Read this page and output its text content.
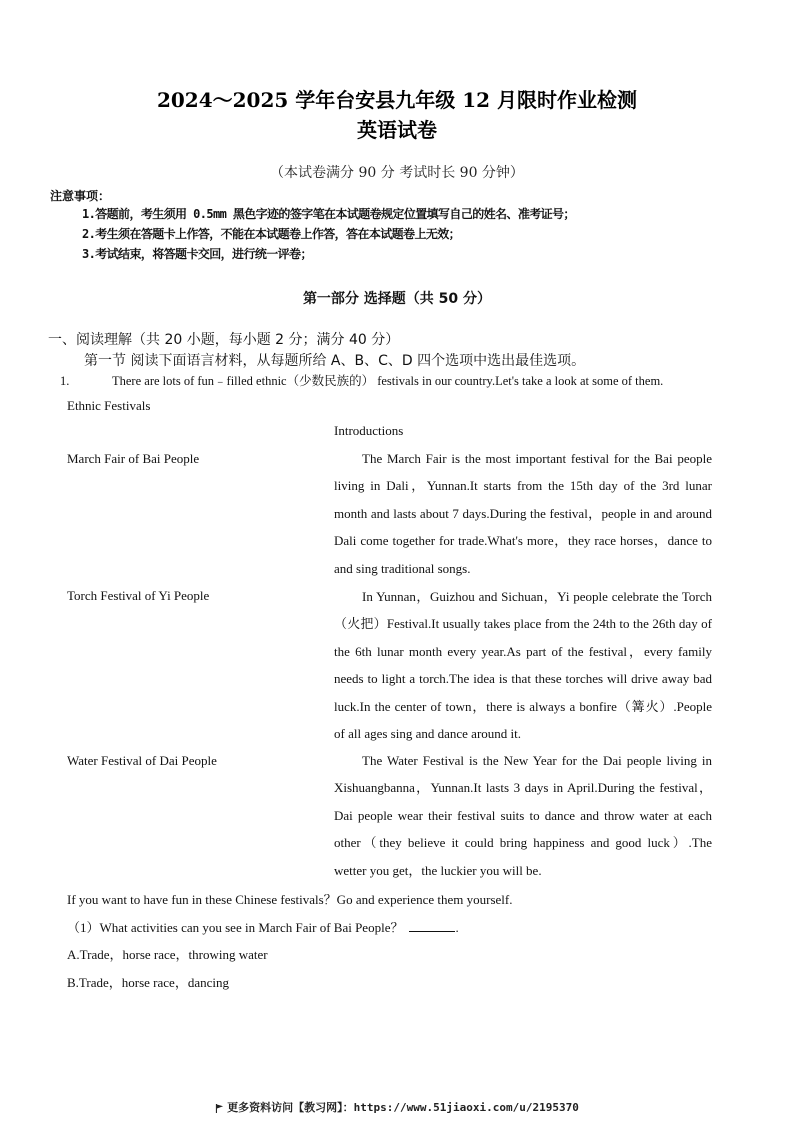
2024～2025 学年台安县九年级 12 月限时作业检测
英语试卷
（本试卷满分 90 分 考试时长 90 分钟）
注意事项：
1.答题前，考生须用 0.5mm 黑色字迹的签字笔在本试题卷规定位置填写自己的姓名、准考证号；
2.考生须在答题卡上作答，不能在本试题卷上作答，答在本试题卷上无效；
3.考试结束，将答题卡交回，进行统一评卷；
第一部分 选择题（共 50 分）
一、阅读理解（共 20 小题，每小题 2 分；满分 40 分）
第一节 阅读下面语言材料，从每题所给 A、B、C、D 四个选项中选出最佳选项。
1.	There are lots of fun﹣filled ethnic（少数民族的） festivals in our country.Let's take a look at some of them.
Ethnic Festivals
Introductions
March Fair of Bai People	The March Fair is the most important festival for the Bai people living in Dali，Yunnan.It starts from the 15th day of the 3rd lunar month and lasts about 7 days.During the festival，people in and around Dali come together for trade.What's more，they race horses，dance to and sing traditional songs.
Torch Festival of Yi People	In Yunnan，Guizhou and Sichuan，Yi people celebrate the Torch（火把）Festival.It usually takes place from the 24th to the 26th day of the 6th lunar month every year.As part of the festival，every family needs to light a torch.The idea is that these torches will drive away bad luck.In the center of town，there is always a bonfire（篝火）.People of all ages sing and dance around it.
Water Festival of Dai People	The Water Festival is the New Year for the Dai people living in Xishuangbanna，Yunnan.It lasts 3 days in April.During the festival，Dai people wear their festival suits to dance and throw water at each other（they believe it could bring happiness and good luck）.The wetter you get，the luckier you will be.
If you want to have fun in these Chinese festivals？Go and experience them yourself.
（1）What activities can you see in March Fair of Bai People？	.
A.Trade，horse race，throwing water
B.Trade，horse race，dancing
更多资料访问【教习网】：https://www.51jiaoxi.com/u/2195370
